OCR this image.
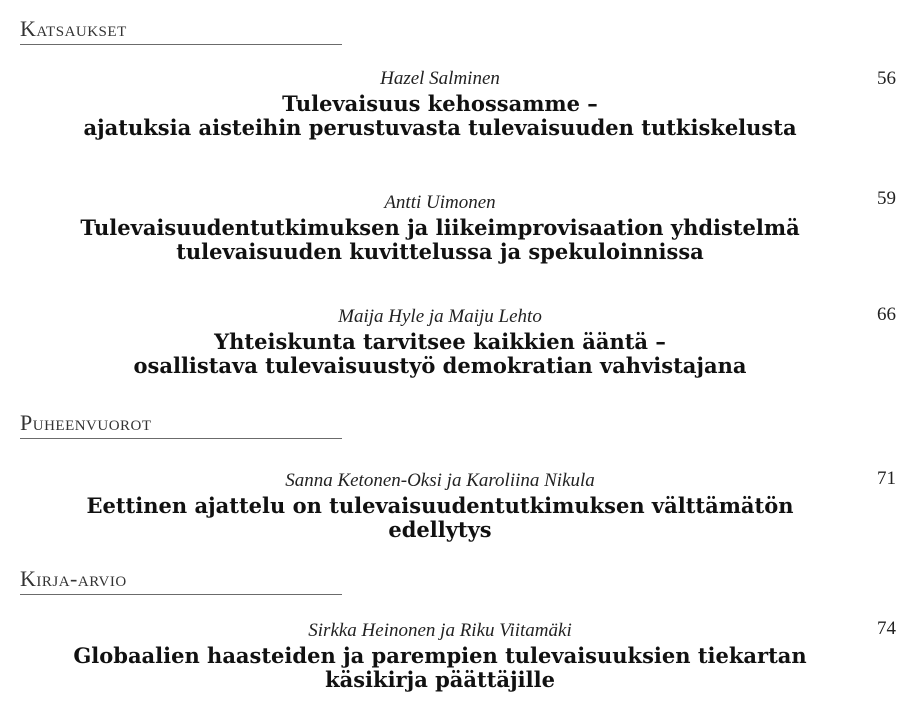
Katsaukset
Hazel Salminen
Tulevaisuus kehossamme –
ajatuksia aisteihin perustuvasta tulevaisuuden tutkiskelusta
56
Antti Uimonen
Tulevaisuudentutkimuksen ja liikeimprovisaation yhdistelmä
tulevaisuuden kuvittelussa ja spekuloinnissa
59
Maija Hyle ja Maiju Lehto
Yhteiskunta tarvitsee kaikkien ääntä –
osallistava tulevaisuustyö demokratian vahvistajana
66
Puheenvuorot
Sanna Ketonen-Oksi ja Karoliina Nikula
Eettinen ajattelu on tulevaisuudentutkimuksen välttämätön edellytys
71
Kirja-arvio
Sirkka Heinonen ja Riku Viitamäki
Globaalien haasteiden ja parempien tulevaisuuksien tiekartan
käsikirja päättäjille
74
